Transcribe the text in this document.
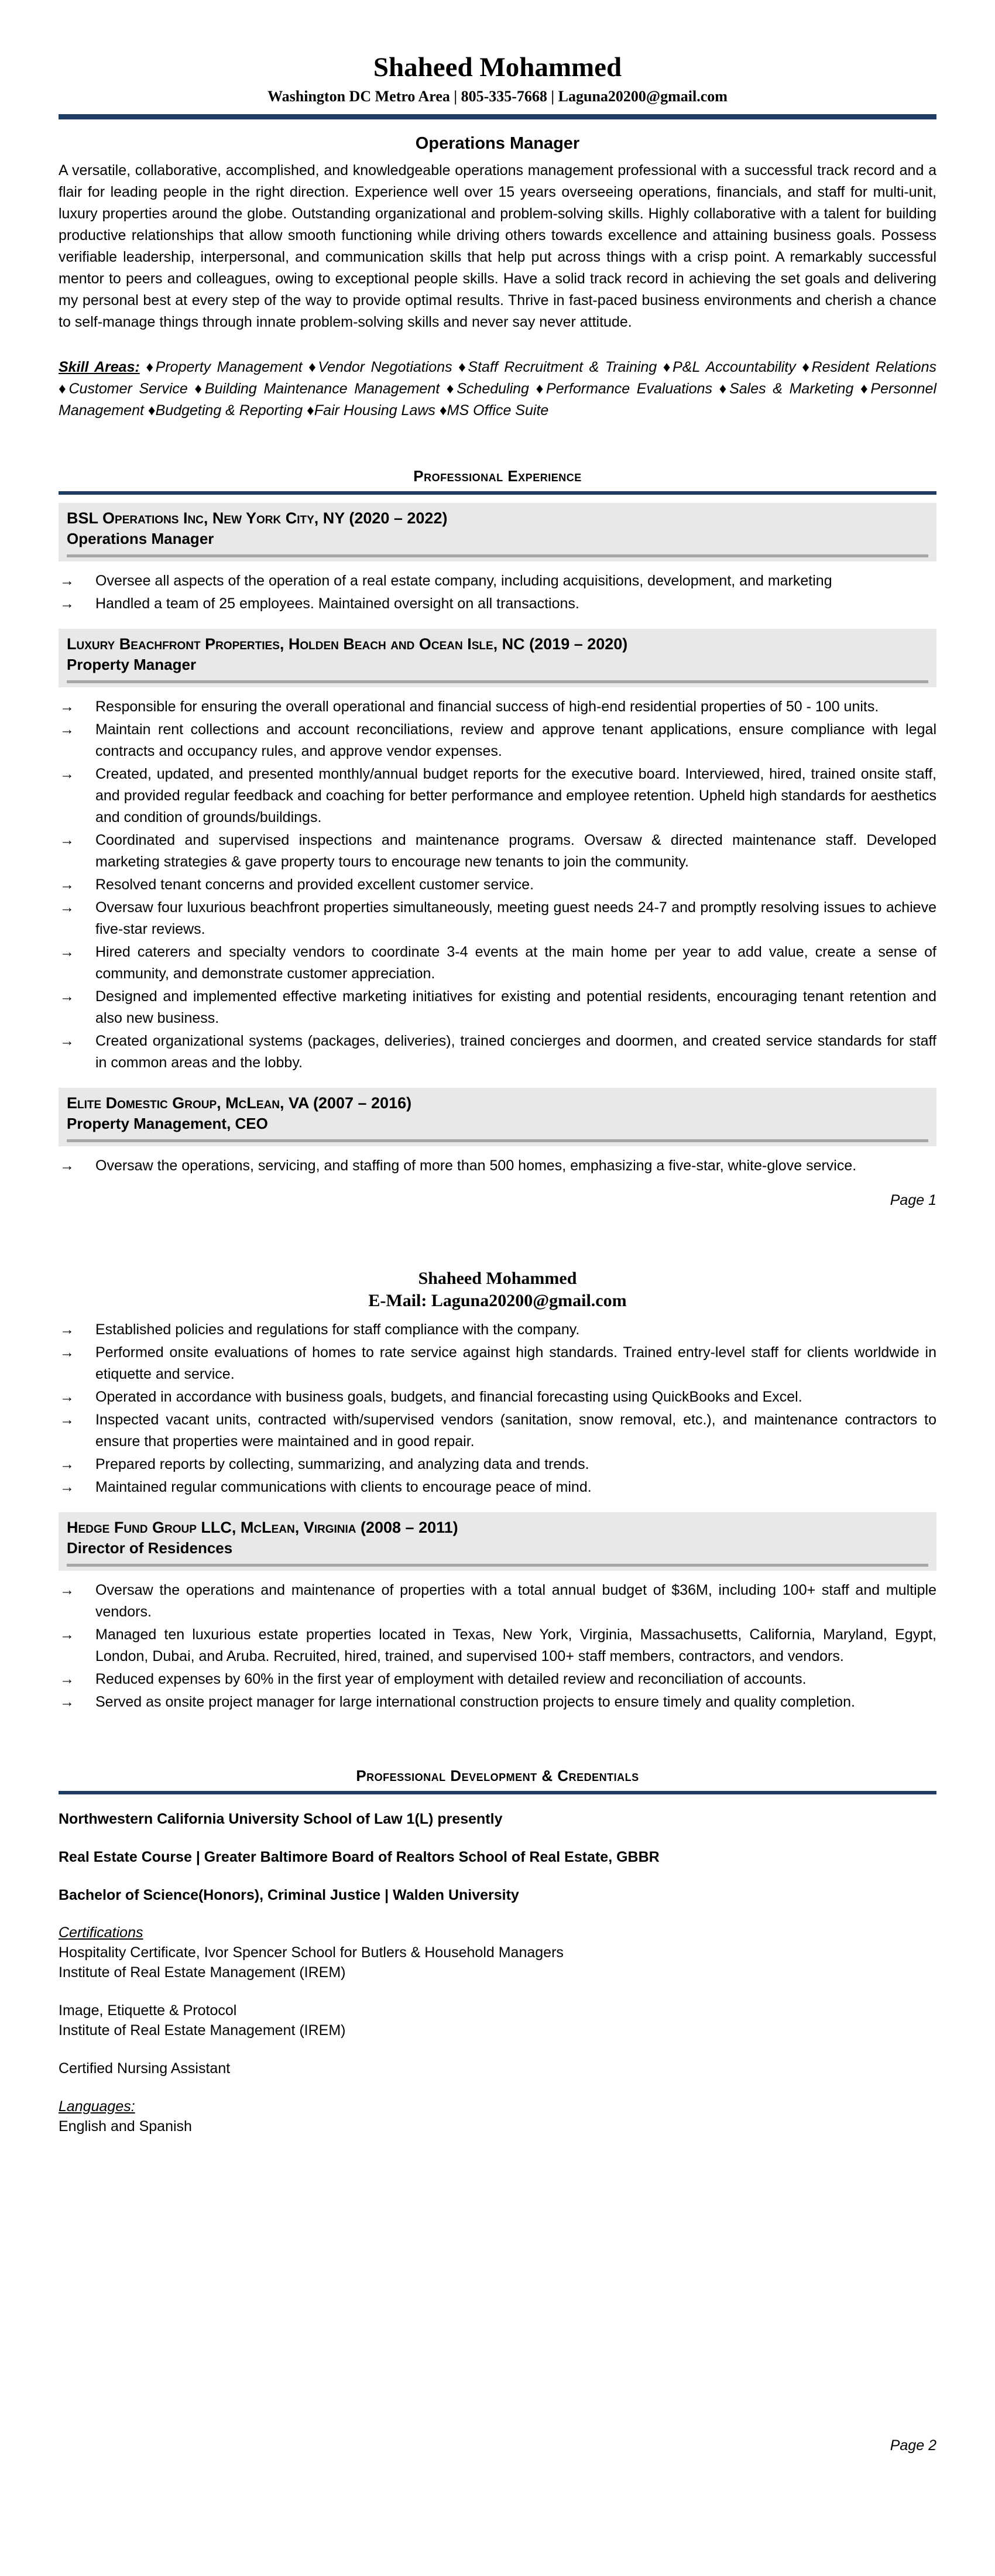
Shaheed Mohammed
Washington DC Metro Area | 805-335-7668 | Laguna20200@gmail.com
Operations Manager
A versatile, collaborative, accomplished, and knowledgeable operations management professional with a successful track record and a flair for leading people in the right direction. Experience well over 15 years overseeing operations, financials, and staff for multi-unit, luxury properties around the globe. Outstanding organizational and problem-solving skills. Highly collaborative with a talent for building productive relationships that allow smooth functioning while driving others towards excellence and attaining business goals. Possess verifiable leadership, interpersonal, and communication skills that help put across things with a crisp point. A remarkably successful mentor to peers and colleagues, owing to exceptional people skills. Have a solid track record in achieving the set goals and delivering my personal best at every step of the way to provide optimal results. Thrive in fast-paced business environments and cherish a chance to self-manage things through innate problem-solving skills and never say never attitude.
Skill Areas: ♦Property Management ♦Vendor Negotiations ♦Staff Recruitment & Training ♦P&L Accountability ♦Resident Relations ♦Customer Service ♦Building Maintenance Management ♦Scheduling ♦Performance Evaluations ♦Sales & Marketing ♦Personnel Management ♦Budgeting & Reporting ♦Fair Housing Laws ♦MS Office Suite
Professional Experience
BSL Operations Inc, New York City, NY (2020 – 2022)
Operations Manager
→ Oversee all aspects of the operation of a real estate company, including acquisitions, development, and marketing
→ Handled a team of 25 employees. Maintained oversight on all transactions.
Luxury Beachfront Properties, Holden Beach and Ocean Isle, NC (2019 – 2020)
Property Manager
→ Responsible for ensuring the overall operational and financial success of high-end residential properties of 50 - 100 units.
→ Maintain rent collections and account reconciliations, review and approve tenant applications, ensure compliance with legal contracts and occupancy rules, and approve vendor expenses.
→ Created, updated, and presented monthly/annual budget reports for the executive board. Interviewed, hired, trained onsite staff, and provided regular feedback and coaching for better performance and employee retention. Upheld high standards for aesthetics and condition of grounds/buildings.
→ Coordinated and supervised inspections and maintenance programs. Oversaw & directed maintenance staff. Developed marketing strategies & gave property tours to encourage new tenants to join the community.
→ Resolved tenant concerns and provided excellent customer service.
→ Oversaw four luxurious beachfront properties simultaneously, meeting guest needs 24-7 and promptly resolving issues to achieve five-star reviews.
→ Hired caterers and specialty vendors to coordinate 3-4 events at the main home per year to add value, create a sense of community, and demonstrate customer appreciation.
→ Designed and implemented effective marketing initiatives for existing and potential residents, encouraging tenant retention and also new business.
→ Created organizational systems (packages, deliveries), trained concierges and doormen, and created service standards for staff in common areas and the lobby.
Elite Domestic Group, McLean, VA (2007 – 2016)
Property Management, CEO
→ Oversaw the operations, servicing, and staffing of more than 500 homes, emphasizing a five-star, white-glove service.
Page 1
Shaheed Mohammed
E-Mail: Laguna20200@gmail.com
→ Established policies and regulations for staff compliance with the company.
→ Performed onsite evaluations of homes to rate service against high standards. Trained entry-level staff for clients worldwide in etiquette and service.
→ Operated in accordance with business goals, budgets, and financial forecasting using QuickBooks and Excel.
→ Inspected vacant units, contracted with/supervised vendors (sanitation, snow removal, etc.), and maintenance contractors to ensure that properties were maintained and in good repair.
→ Prepared reports by collecting, summarizing, and analyzing data and trends.
→ Maintained regular communications with clients to encourage peace of mind.
Hedge Fund Group LLC, McLean, Virginia (2008 – 2011)
Director of Residences
→ Oversaw the operations and maintenance of properties with a total annual budget of $36M, including 100+ staff and multiple vendors.
→ Managed ten luxurious estate properties located in Texas, New York, Virginia, Massachusetts, California, Maryland, Egypt, London, Dubai, and Aruba. Recruited, hired, trained, and supervised 100+ staff members, contractors, and vendors.
→ Reduced expenses by 60% in the first year of employment with detailed review and reconciliation of accounts.
→ Served as onsite project manager for large international construction projects to ensure timely and quality completion.
Professional Development & Credentials
Northwestern California University School of Law 1(L) presently
Real Estate Course | Greater Baltimore Board of Realtors School of Real Estate, GBBR
Bachelor of Science(Honors), Criminal Justice | Walden University
Certifications
Hospitality Certificate, Ivor Spencer School for Butlers & Household Managers
Institute of Real Estate Management (IREM)
Image, Etiquette & Protocol
Institute of Real Estate Management (IREM)
Certified Nursing Assistant
Languages:
English and Spanish
Page 2
